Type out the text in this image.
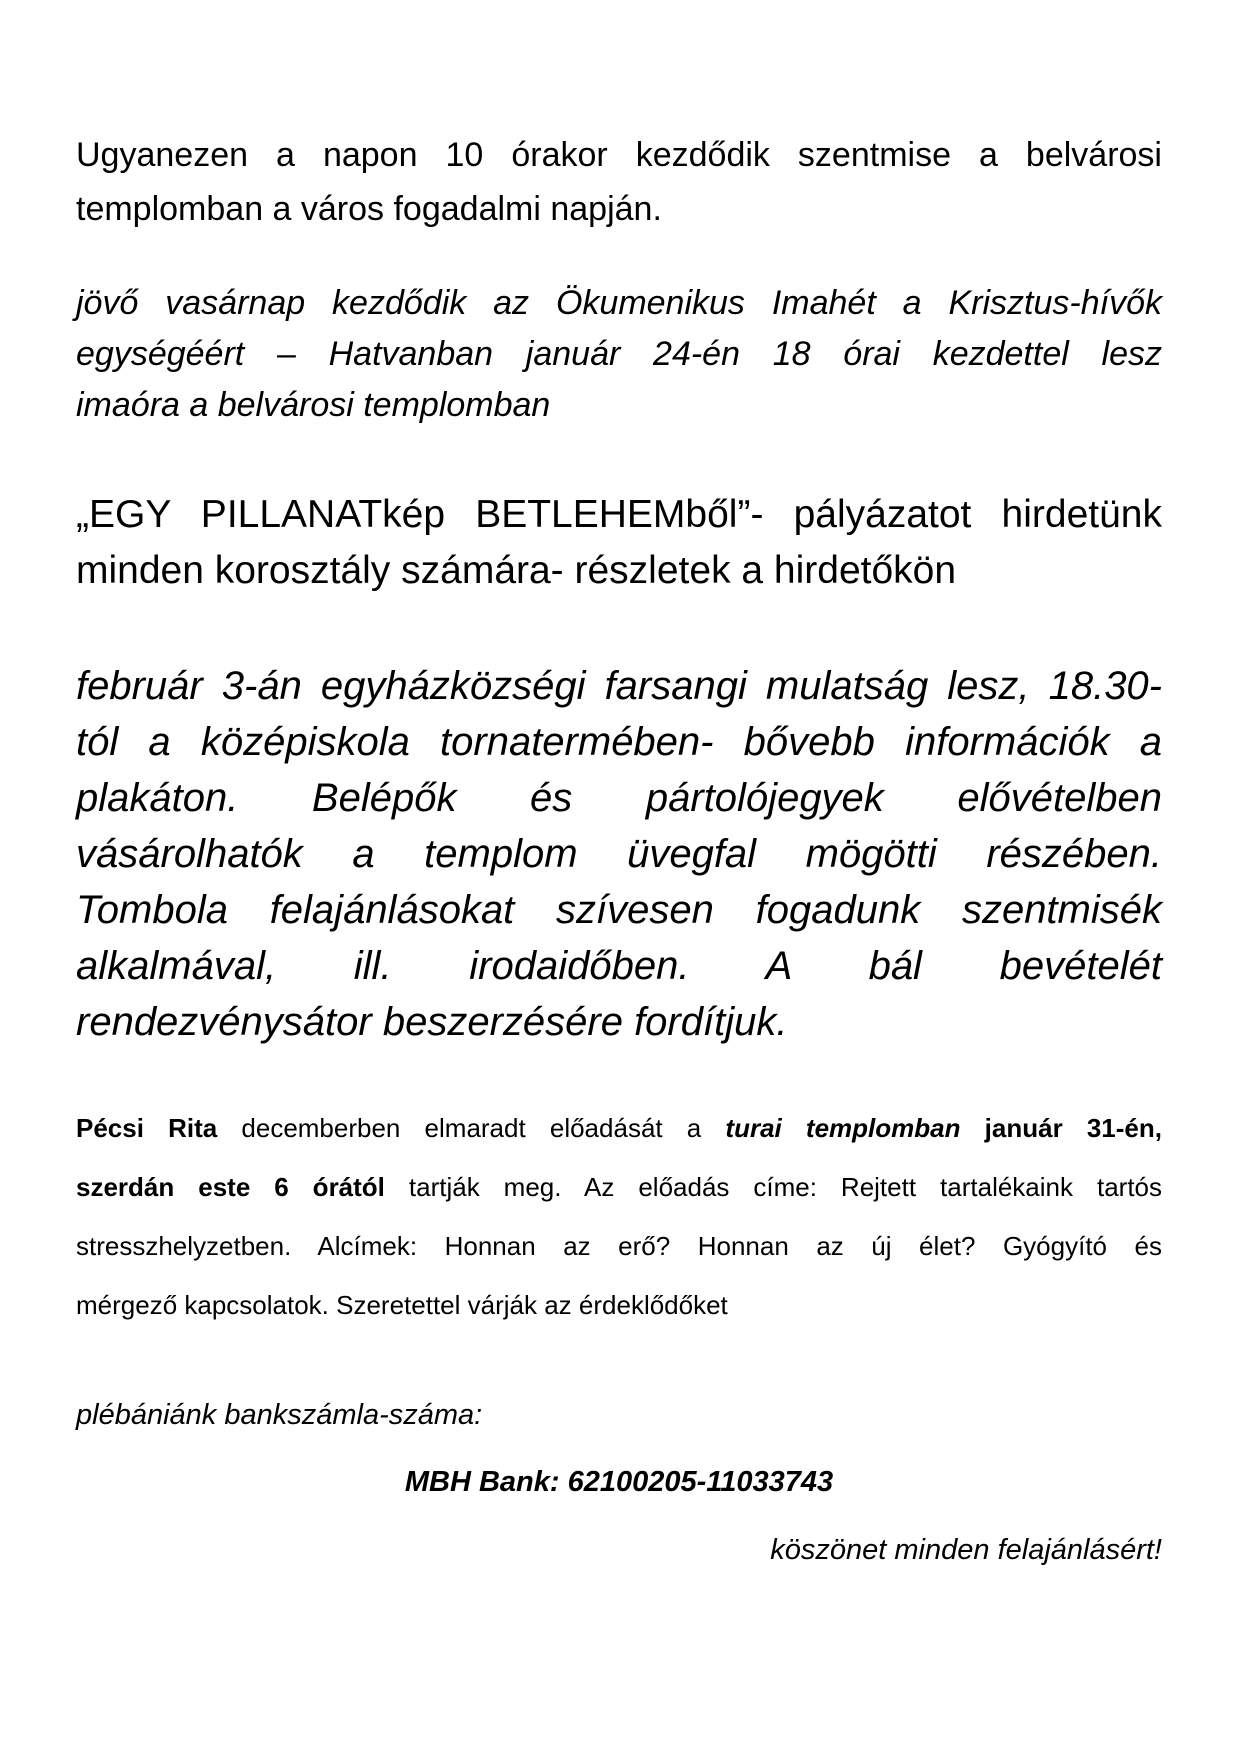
Ugyanezen a napon 10 órakor kezdődik szentmise a belvárosi
templomban a város fogadalmi napján.
jövő vasárnap kezdődik az Ökumenikus Imahét a Krisztus-hívők
egységéért – Hatvanban január 24-én 18 órai kezdettel lesz
imaóra a belvárosi templomban
„EGY PILLANATkép BETLEHEMből”- pályázatot hirdetünk
minden korosztály számára- részletek a hirdetőkön
február 3-án egyházközségi farsangi mulatság lesz, 18.30-
tól a középiskola tornatermében- bővebb információk a
plakáton. Belépők és pártolójegyek elővételben
vásárolhatók a templom üvegfal mögötti részében.
Tombola felajánlásokat szívesen fogadunk szentmisék
alkalmával, ill. irodaidőben. A bál bevételét
rendezvénysátor beszerzésére fordítjuk.
Pécsi Rita decemberben elmaradt előadását a turai templomban január 31-én,
szerdán este 6 órától tartják meg. Az előadás címe: Rejtett tartalékaink tartós
stresszhelyzetben. Alcímek: Honnan az erő? Honnan az új élet? Gyógyító és
mérgező kapcsolatok. Szeretettel várják az érdeklődőket
plébániánk bankszámla-száma:
MBH Bank: 62100205-11033743
köszönet minden felajánlásért!
